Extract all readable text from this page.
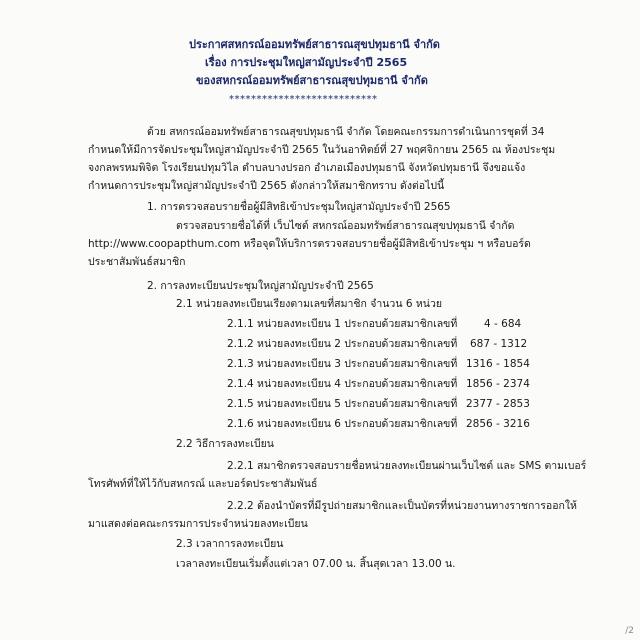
ประกาศสหกรณ์ออมทรัพย์สาธารณสุขปทุมธานี จำกัด
เรื่อง การประชุมใหญ่สามัญประจำปี 2565
ของสหกรณ์ออมทรัพย์สาธารณสุขปทุมธานี จำกัด
***************************
ด้วย สหกรณ์ออมทรัพย์สาธารณสุขปทุมธานี จำกัด โดยคณะกรรมการดำเนินการชุดที่ 34
กำหนดให้มีการจัดประชุมใหญ่สามัญประจำปี 2565 ในวันอาทิตย์ที่ 27 พฤศจิกายน 2565 ณ ห้องประชุม
จงกลพรหมพิจิต โรงเรียนปทุมวิไล ตำบลบางปรอก อำเภอเมืองปทุมธานี จังหวัดปทุมธานี จึงขอแจ้ง
กำหนดการประชุมใหญ่สามัญประจำปี 2565 ดังกล่าวให้สมาชิกทราบ ดังต่อไปนี้
1. การตรวจสอบรายชื่อผู้มีสิทธิเข้าประชุมใหญ่สามัญประจำปี 2565
ตรวจสอบรายชื่อได้ที่ เว็บไซต์ สหกรณ์ออมทรัพย์สาธารณสุขปทุมธานี จำกัด
http://www.coopapthum.com หรือจุดให้บริการตรวจสอบรายชื่อผู้มีสิทธิเข้าประชุม ฯ หรือบอร์ด
ประชาสัมพันธ์สมาชิก
2. การลงทะเบียนประชุมใหญ่สามัญประจำปี 2565
2.1 หน่วยลงทะเบียนเรียงตามเลขที่สมาชิก จำนวน 6 หน่วย
2.1.1 หน่วยลงทะเบียน 1 ประกอบด้วยสมาชิกเลขที่	4 - 684
2.1.2 หน่วยลงทะเบียน 2 ประกอบด้วยสมาชิกเลขที่ 687 - 1312
2.1.3 หน่วยลงทะเบียน 3 ประกอบด้วยสมาชิกเลขที่ 1316 - 1854
2.1.4 หน่วยลงทะเบียน 4 ประกอบด้วยสมาชิกเลขที่ 1856 - 2374
2.1.5 หน่วยลงทะเบียน 5 ประกอบด้วยสมาชิกเลขที่ 2377 - 2853
2.1.6 หน่วยลงทะเบียน 6 ประกอบด้วยสมาชิกเลขที่ 2856 - 3216
2.2 วิธีการลงทะเบียน
2.2.1 สมาชิกตรวจสอบรายชื่อหน่วยลงทะเบียนผ่านเว็บไซต์ และ SMS ตามเบอร์
โทรศัพท์ที่ให้ไว้กับสหกรณ์ และบอร์ดประชาสัมพันธ์
2.2.2 ต้องนำบัตรที่มีรูปถ่ายสมาชิกและเป็นบัตรที่หน่วยงานทางราชการออกให้
มาแสดงต่อคณะกรรมการประจำหน่วยลงทะเบียน
2.3 เวลาการลงทะเบียน
เวลาลงทะเบียนเริ่มตั้งแต่เวลา 07.00 น. สิ้นสุดเวลา 13.00 น.
/2
